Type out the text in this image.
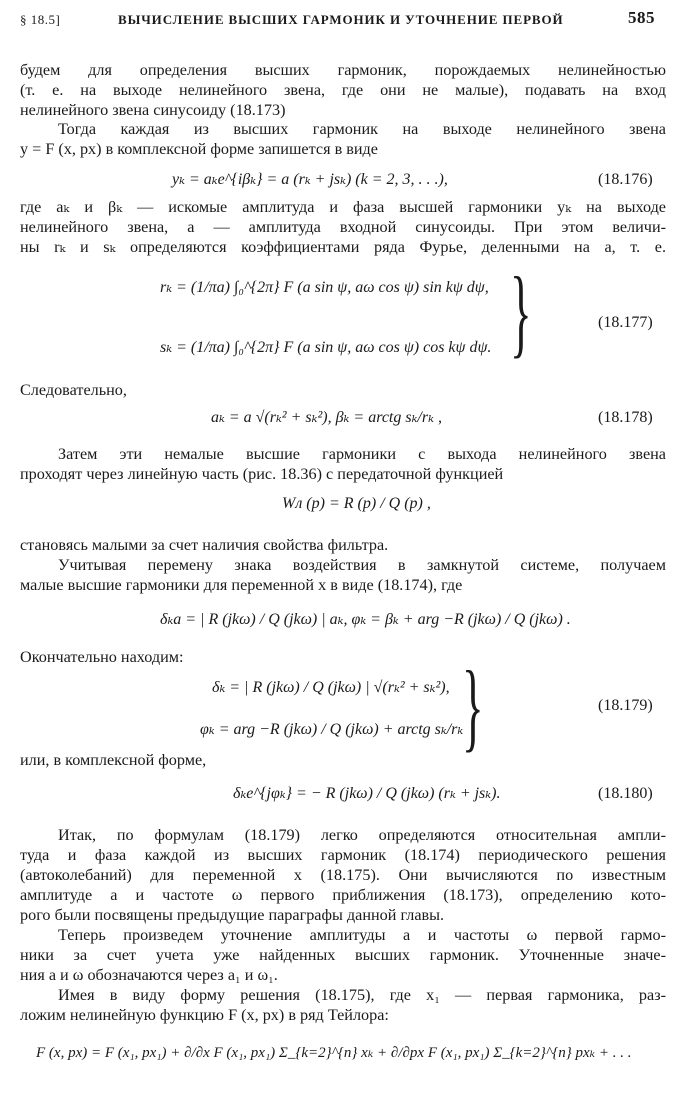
§ 18.5]	ВЫЧИСЛЕНИЕ ВЫСШИХ ГАРМОНИК И УТОЧНЕНИЕ ПЕРВОЙ	585
будем для определения высших гармоник, порождаемых нелинейностью
(т. е. на выходе нелинейного звена, где они не малые), подавать на вход
нелинейного звена синусоиду (18.173)
Тогда каждая из высших гармоник на выходе нелинейного звена
y = F (x, px) в комплексной форме запишется в виде
yₖ = aₖe^{iβₖ} = a (rₖ + jsₖ) (k = 2, 3, . . .),	(18.176)
где aₖ и βₖ — искомые амплитуда и фаза высшей гармоники yₖ на выходе
нелинейного звена, a — амплитуда входной синусоиды. При этом величи-
ны rₖ и sₖ определяются коэффициентами ряда Фурье, деленными на a, т. е.
rₖ = (1/πa) ∫₀^{2π} F (a sin ψ, aω cos ψ) sin kψ dψ,
sₖ = (1/πa) ∫₀^{2π} F (a sin ψ, aω cos ψ) cos kψ dψ. }	(18.177)
Следовательно,
aₖ = a √(rₖ² + sₖ²), βₖ = arctg sₖ/rₖ ,	(18.178)
Затем эти немалые высшие гармоники с выхода нелинейного звена
проходят через линейную часть (рис. 18.36) с передаточной функцией
Wл (p) = R (p) / Q (p) ,
становясь малыми за счет наличия свойства фильтра.
Учитывая перемену знака воздействия в замкнутой системе, получаем
малые высшие гармоники для переменной x в виде (18.174), где
δₖa = | R (jkω) / Q (jkω) | aₖ, φₖ = βₖ + arg −R (jkω) / Q (jkω) .
Окончательно находим:
δₖ = | R (jkω) / Q (jkω) | √(rₖ² + sₖ²),
φₖ = arg −R (jkω) / Q (jkω) + arctg sₖ/rₖ
}	(18.179)
или, в комплексной форме,
δₖe^{jφₖ} = − R (jkω) / Q (jkω) (rₖ + jsₖ).	(18.180)
Итак, по формулам (18.179) легко определяются относительная ампли-
туда и фаза каждой из высших гармоник (18.174) периодического решения
(автоколебаний) для переменной x (18.175). Они вычисляются по известным
амплитуде a и частоте ω первого приближения (18.173), определению кото-
рого были посвящены предыдущие параграфы данной главы.
Теперь произведем уточнение амплитуды a и частоты ω первой гармо-
ники за счет учета уже найденных высших гармоник. Уточненные значе-
ния a и ω обозначаются через a₁ и ω₁.
Имея в виду форму решения (18.175), где x₁ — первая гармоника, раз-
ложим нелинейную функцию F (x, px) в ряд Тейлора:
F (x, px) = F (x₁, px₁) + ∂/∂x F (x₁, px₁) Σ_{k=2}^{n} xₖ + ∂/∂px F (x₁, px₁) Σ_{k=2}^{n} pxₖ + . . .
